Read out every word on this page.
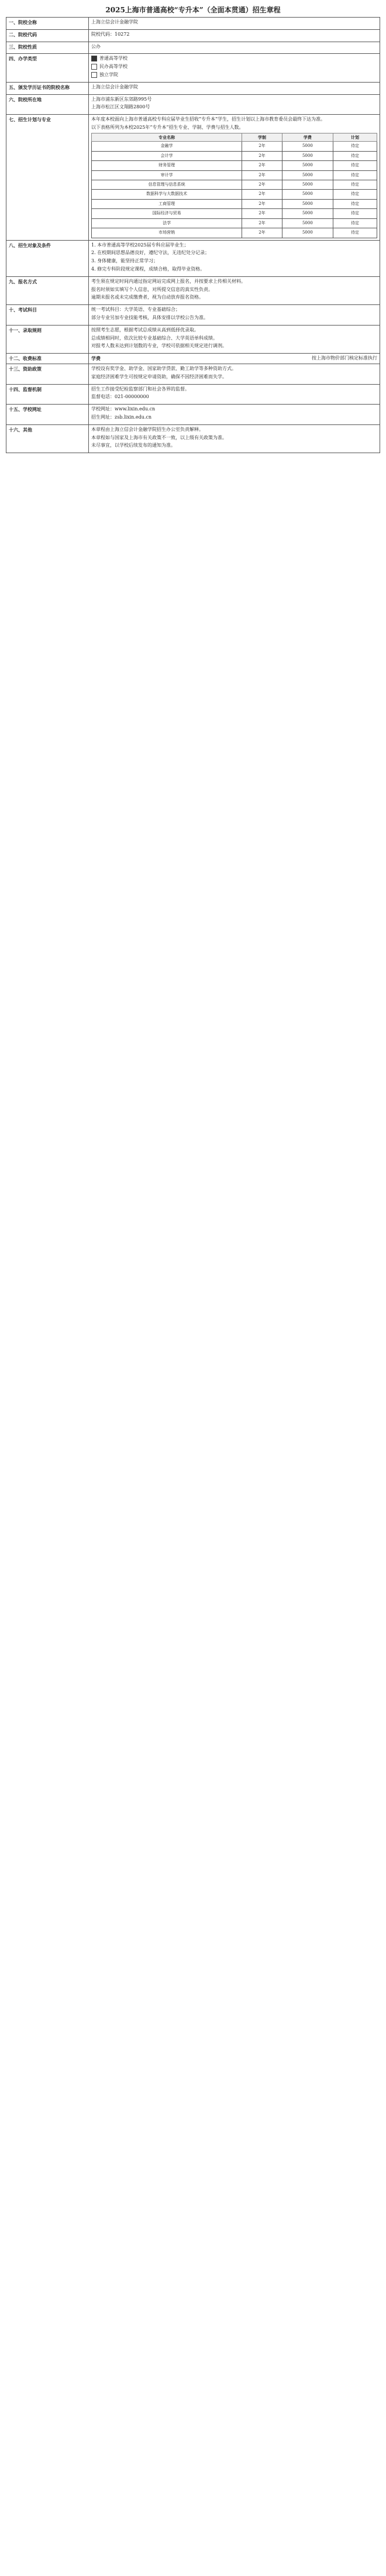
2025上海市普通高校“专升本”（全面本贯通）招生章程
一、院校全称	上海立信会计金融学院

二、院校代码	院校代码：10272

三、院校性质	公办

四、办学类型	普通高等学校
民办高等学校
独立学院

五、颁发学历证书的院校名称	上海立信会计金融学院

六、院校所在地	上海市浦东新区东郊路995号
上海市松江区文翔路2800号

七、招生计划与专业	本年度本校面向上海市普通高校专科应届毕业生招收“专升本”学生，招生计划以上海市教育委员会最终下达为准。
以下表格所列为本校2025年“专升本”招生专业、学制、学费与招生人数。
专业名称	学制	学费	计划
金融学	2年	5000	待定
会计学	2年	5000	待定
财务管理	2年	5000	待定
审计学	2年	5000	待定
信息管理与信息系统	2年	5000	待定
数据科学与大数据技术	2年	5000	待定
工商管理	2年	5000	待定
国际经济与贸易	2年	5000	待定
法学	2年	5000	待定
市场营销	2年	5000	待定

八、招生对象及条件	1. 本市普通高等学校2025届专科应届毕业生；
2. 在校期间思想品德良好，遵纪守法，无违纪处分记录；
3. 身体健康，能坚持正常学习；
4. 修完专科阶段规定课程，成绩合格，取得毕业资格。

九、报名方式	考生须在规定时间内通过指定网站完成网上报名，并按要求上传相关材料。
报名时须如实填写个人信息，对所提交信息的真实性负责。
逾期未报名或未完成缴费者，视为自动放弃报名资格。

十、考试科目	统一考试科目：大学英语、专业基础综合；
部分专业另加专业技能考核，具体安排以学校公告为准。

十一、录取规则	按照考生志愿，根据考试总成绩从高到低择优录取。
总成绩相同时，依次比较专业基础综合、大学英语单科成绩。
对报考人数未达到计划数的专业，学校可依据相关规定进行调剂。

十二、收费标准	学费	按上海市物价部门核定标准执行

十三、资助政策	学校设有奖学金、助学金、国家助学贷款、勤工助学等多种资助方式。
家庭经济困难学生可按规定申请资助，确保不因经济困难而失学。

十四、监督机制	招生工作接受纪检监察部门和社会各界的监督。
监督电话：021-00000000

十五、学校网址	学校网址：www.lixin.edu.cn
招生网址：zsb.lixin.edu.cn

十六、其他	本章程由上海立信会计金融学院招生办公室负责解释。
本章程如与国家及上海市有关政策不一致，以上级有关政策为准。
未尽事宜，以学校后续发布的通知为准。
